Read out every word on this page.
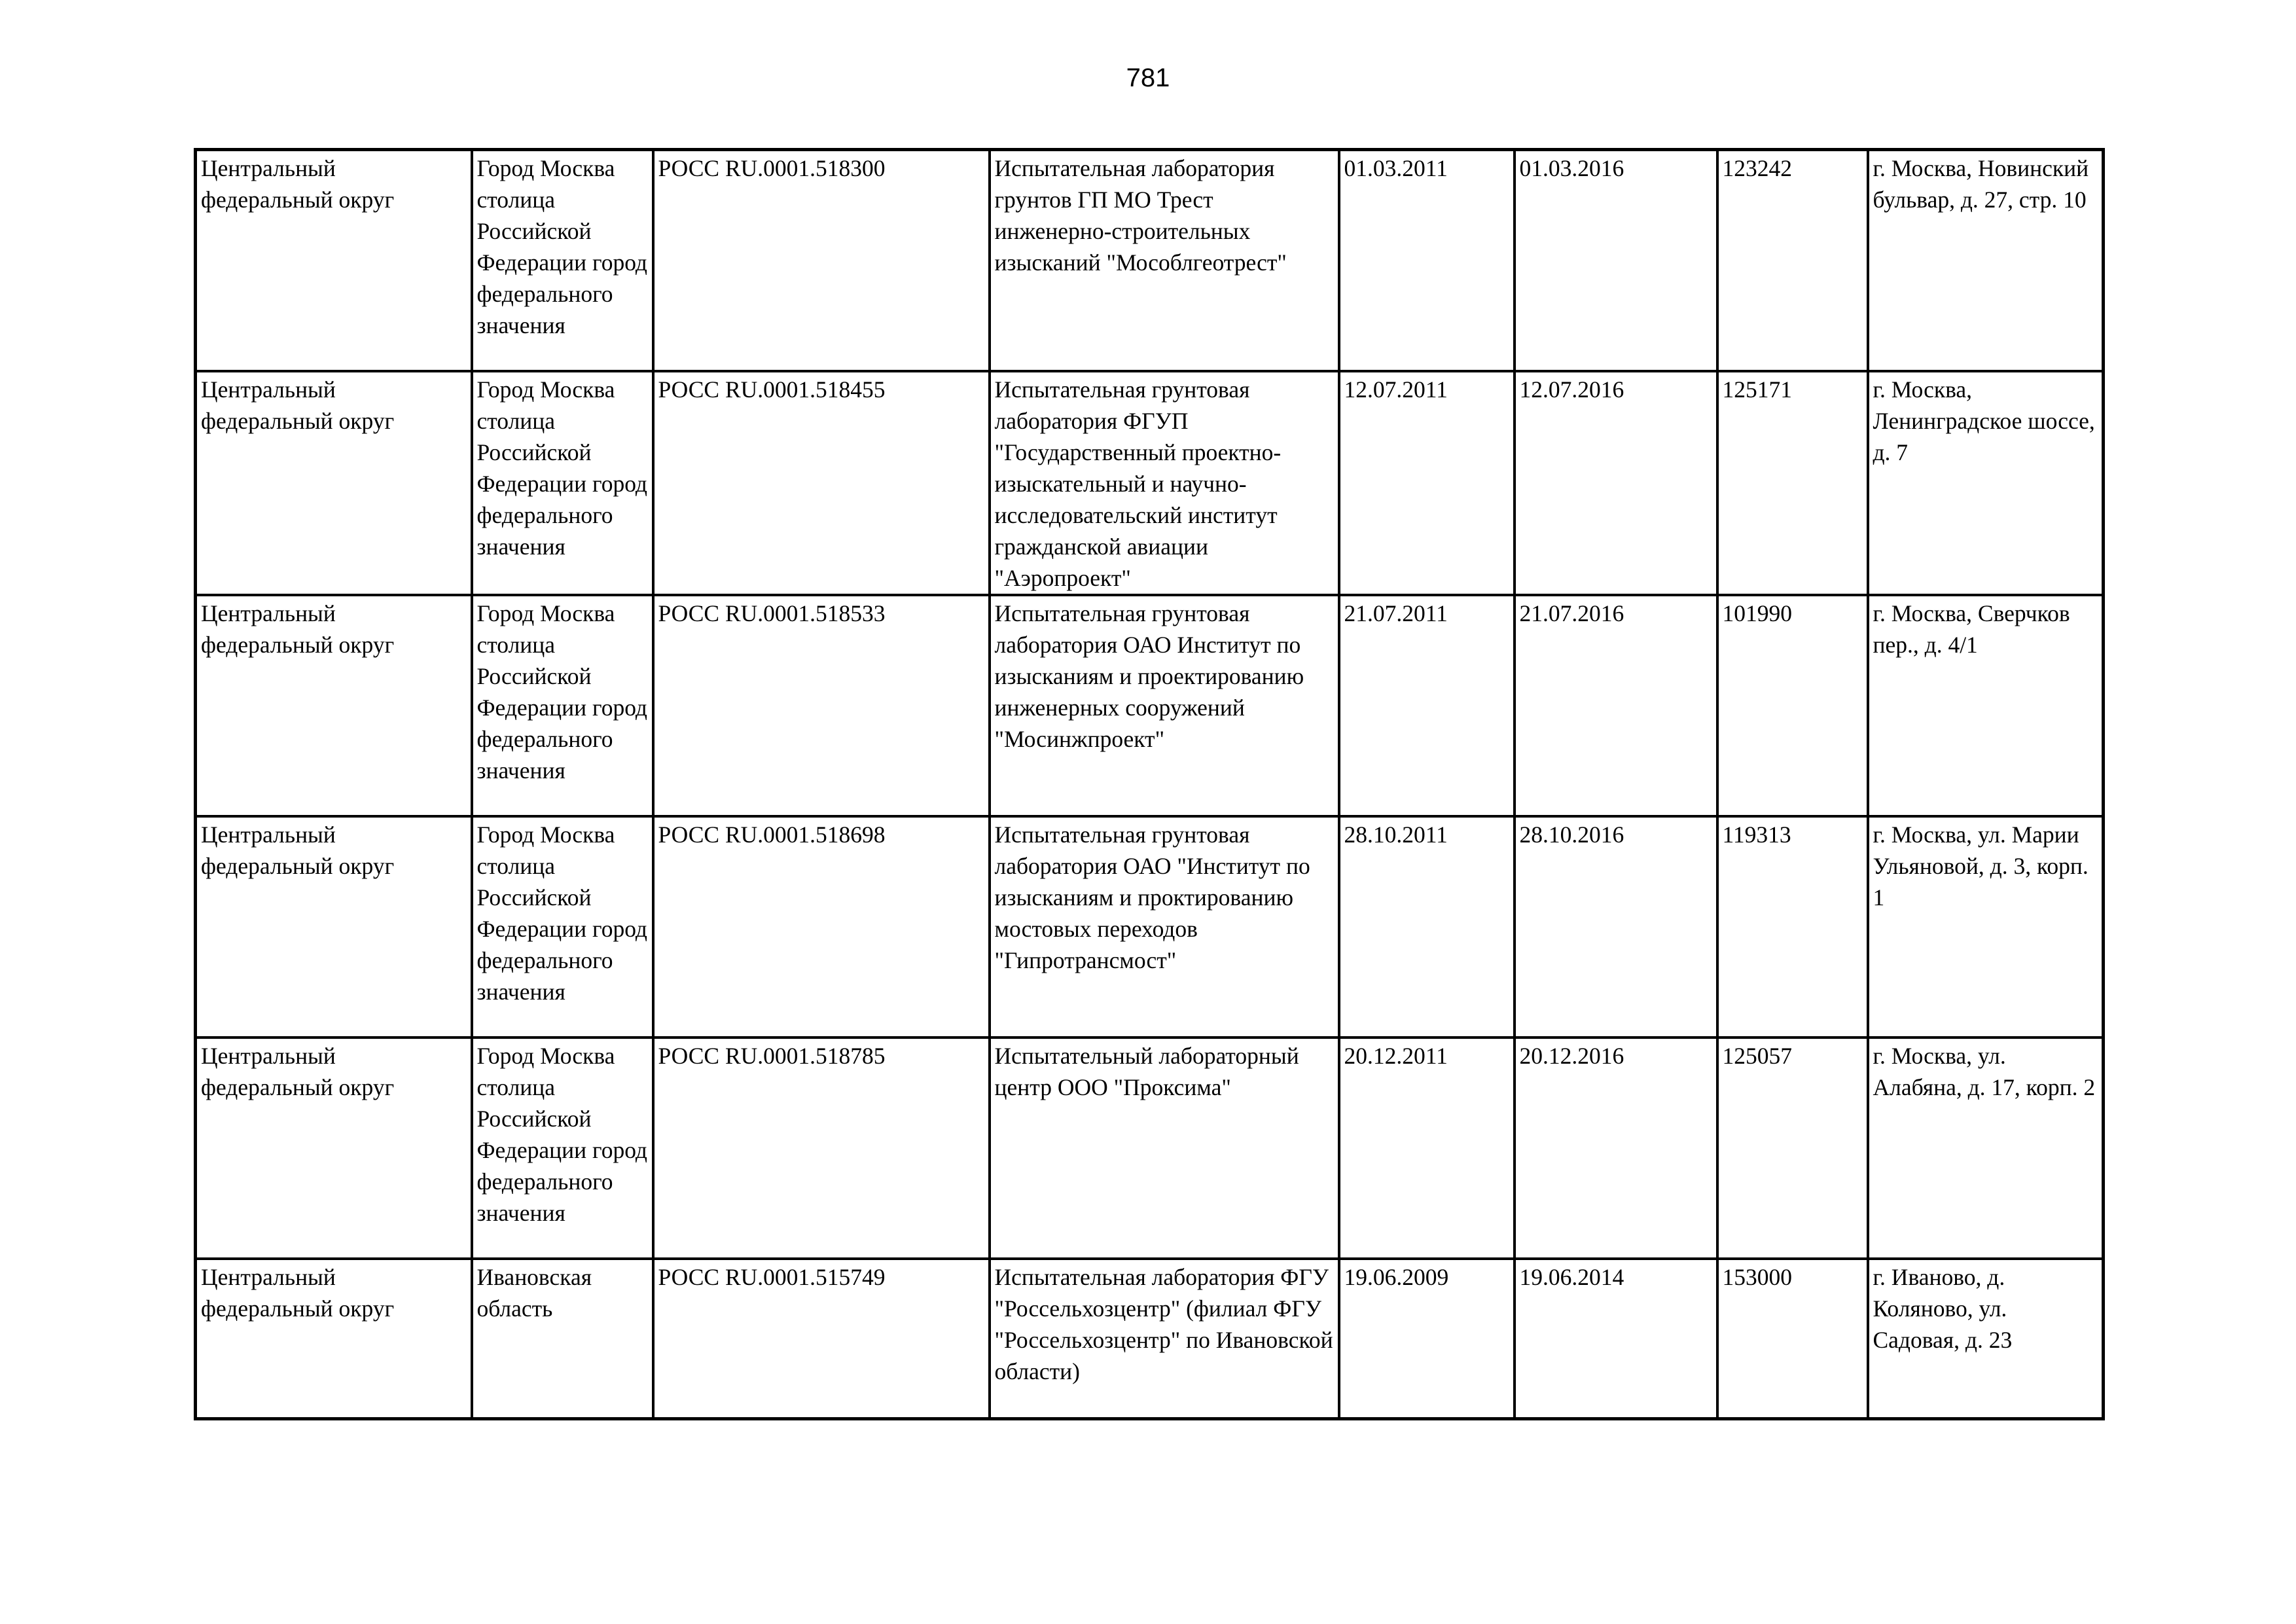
781
Центральный федеральный округ	Город Москва столица Российской Федерации город федерального значения	РОСС RU.0001.518300	Испытательная лаборатория грунтов ГП МО Трест инженерно-строительных изысканий "Мособлгеотрест"	01.03.2011	01.03.2016	123242	г. Москва, Новинский бульвар, д. 27, стр. 10
Центральный федеральный округ	Город Москва столица Российской Федерации город федерального значения	РОСС RU.0001.518455	Испытательная грунтовая лаборатория ФГУП "Государственный проектно-изыскательный и научно-исследовательский институт гражданской авиации "Аэропроект"	12.07.2011	12.07.2016	125171	г. Москва, Ленинградское шоссе, д. 7
Центральный федеральный округ	Город Москва столица Российской Федерации город федерального значения	РОСС RU.0001.518533	Испытательная грунтовая лаборатория ОАО Институт по изысканиям и проектированию инженерных сооружений "Мосинжпроект"	21.07.2011	21.07.2016	101990	г. Москва, Сверчков пер., д. 4/1
Центральный федеральный округ	Город Москва столица Российской Федерации город федерального значения	РОСС RU.0001.518698	Испытательная грунтовая лаборатория ОАО "Институт по изысканиям и проктированию мостовых переходов "Гипротрансмост"	28.10.2011	28.10.2016	119313	г. Москва, ул. Марии Ульяновой, д. 3, корп. 1
Центральный федеральный округ	Город Москва столица Российской Федерации город федерального значения	РОСС RU.0001.518785	Испытательный лабораторный центр ООО "Проксима"	20.12.2011	20.12.2016	125057	г. Москва, ул. Алабяна, д. 17, корп. 2
Центральный федеральный округ	Ивановская область	РОСС RU.0001.515749	Испытательная лаборатория ФГУ "Россельхозцентр" (филиал ФГУ "Россельхозцентр" по Ивановской области)	19.06.2009	19.06.2014	153000	г. Иваново, д. Коляново, ул. Садовая, д. 23
